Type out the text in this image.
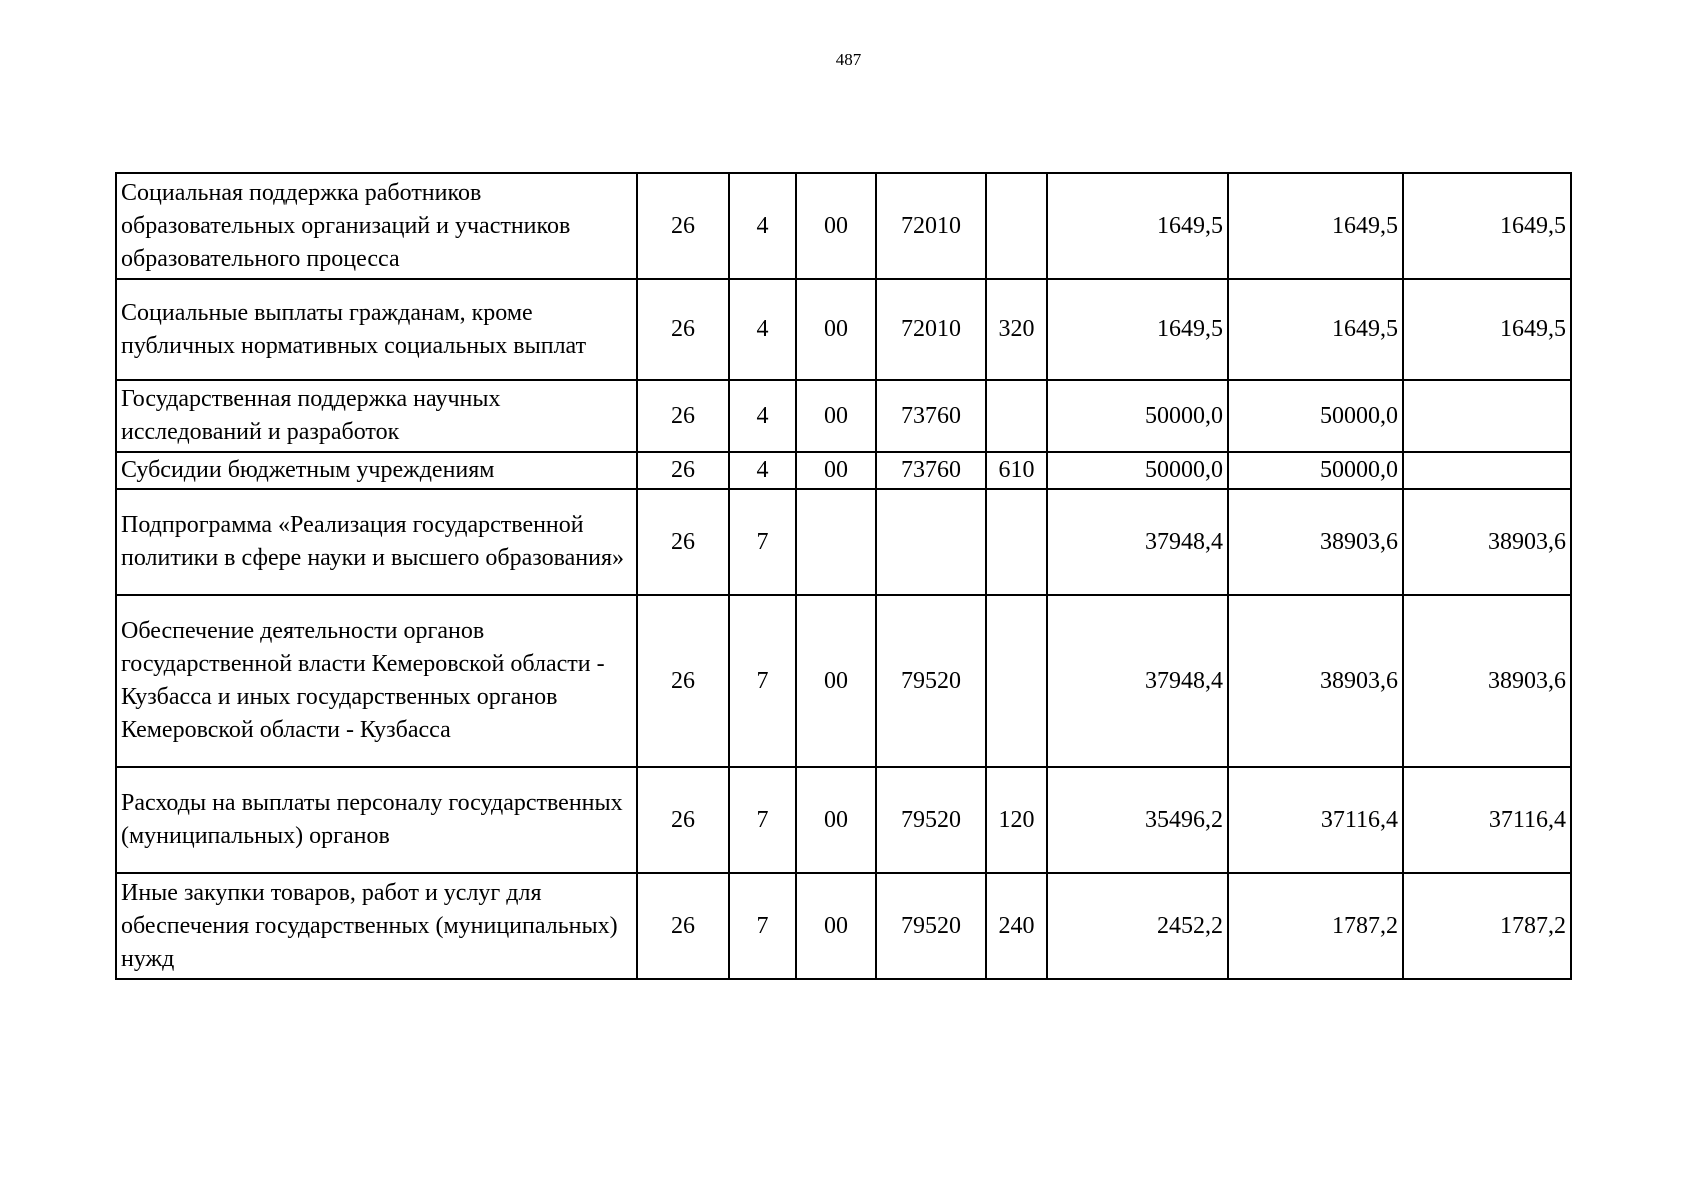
487
Социальная поддержка работников образовательных организаций и участников образовательного процесса	26	4	00	72010		1649,5	1649,5	1649,5
Социальные выплаты гражданам, кроме публичных нормативных социальных выплат	26	4	00	72010	320	1649,5	1649,5	1649,5
Государственная поддержка научных исследований и разработок	26	4	00	73760		50000,0	50000,0	
Субсидии бюджетным учреждениям	26	4	00	73760	610	50000,0	50000,0	
Подпрограмма «Реализация государственной политики в сфере науки и высшего образования»	26	7				37948,4	38903,6	38903,6
Обеспечение деятельности органов государственной власти Кемеровской области - Кузбасса и иных государственных органов Кемеровской области - Кузбасса	26	7	00	79520		37948,4	38903,6	38903,6
Расходы на выплаты персоналу государственных (муниципальных) органов	26	7	00	79520	120	35496,2	37116,4	37116,4
Иные закупки товаров, работ и услуг для обеспечения государственных (муниципальных) нужд	26	7	00	79520	240	2452,2	1787,2	1787,2
